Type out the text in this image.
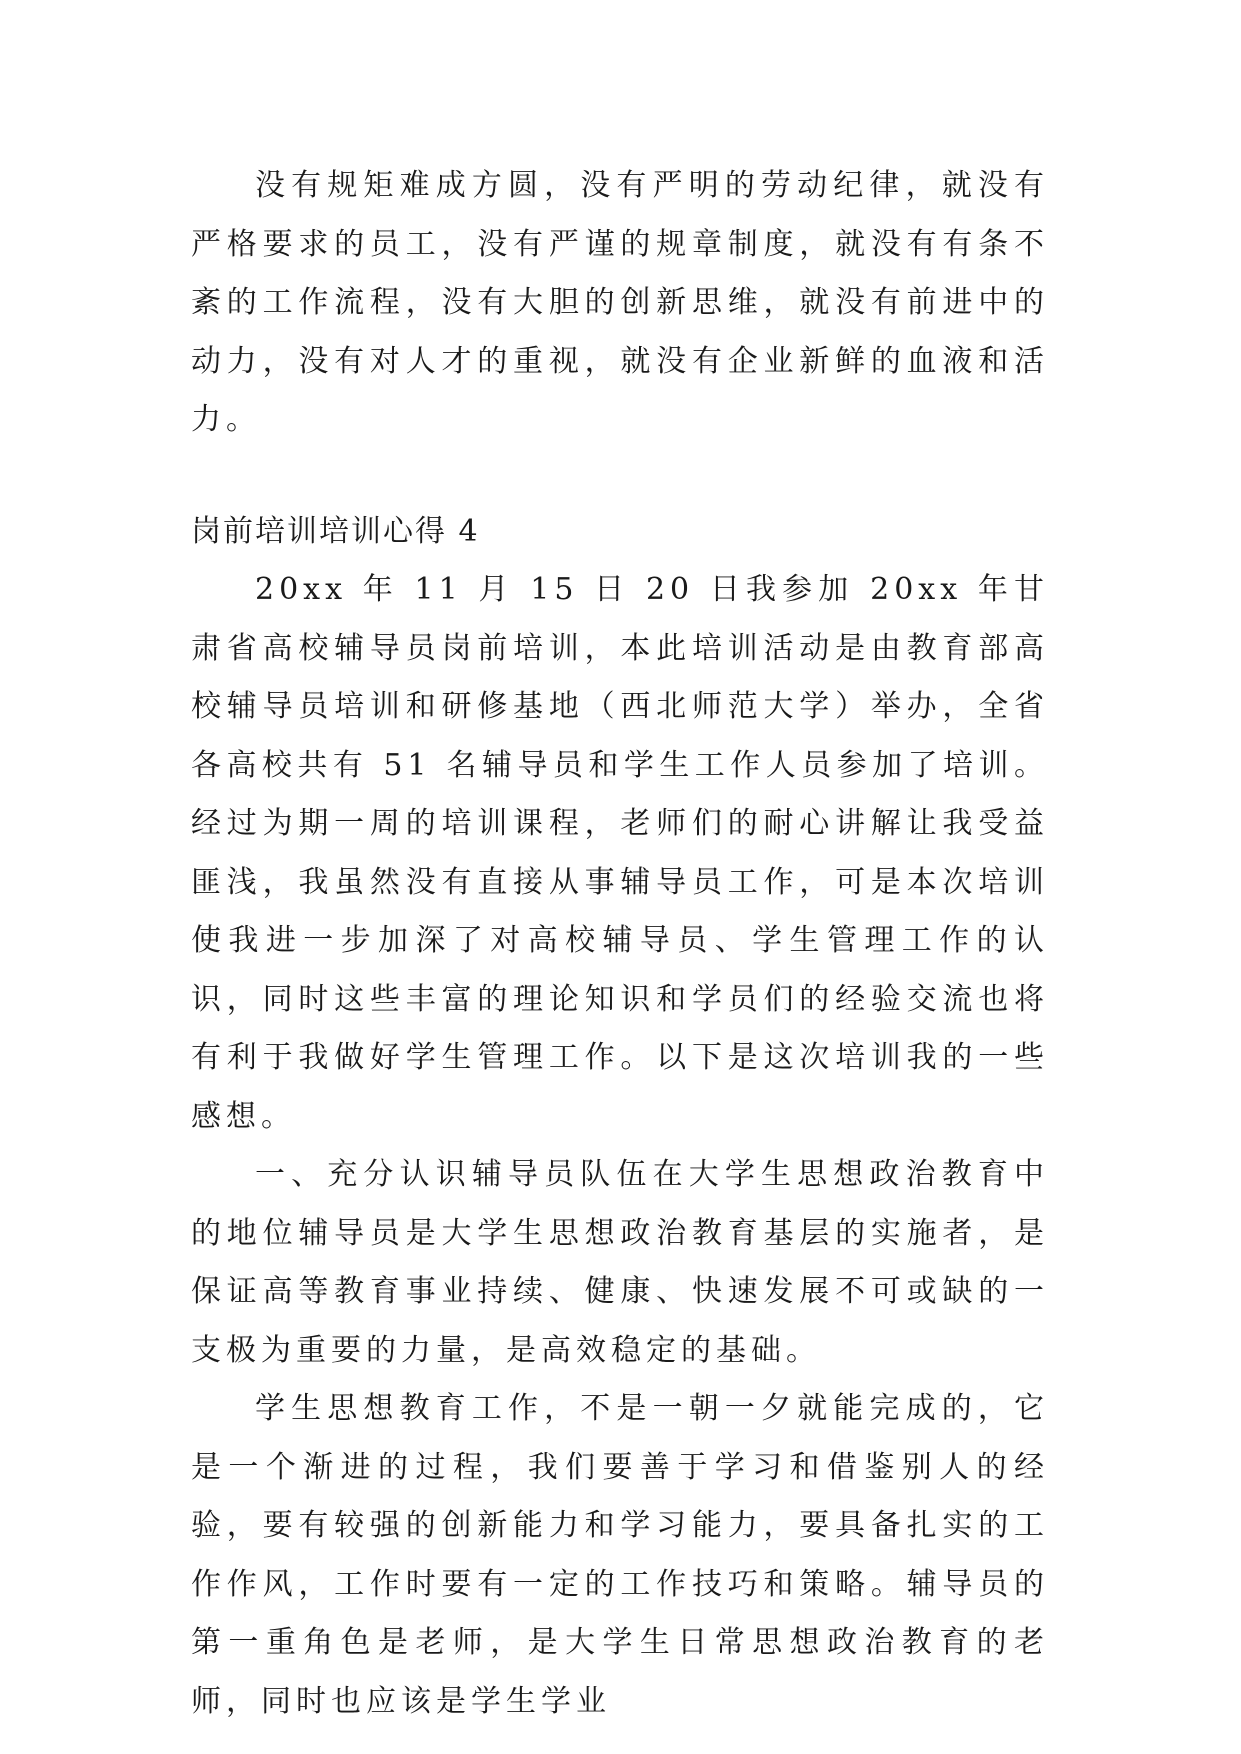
没有规矩难成方圆，没有严明的劳动纪律，就没有严格要求的员工，没有严谨的规章制度，就没有有条不紊的工作流程，没有大胆的创新思维，就没有前进中的动力，没有对人才的重视，就没有企业新鲜的血液和活力。

岗前培训培训心得 4

20xx 年 11 月 15 日 20 日我参加 20xx 年甘肃省高校辅导员岗前培训，本此培训活动是由教育部高校辅导员培训和研修基地（西北师范大学）举办，全省各高校共有 51 名辅导员和学生工作人员参加了培训。经过为期一周的培训课程，老师们的耐心讲解让我受益匪浅，我虽然没有直接从事辅导员工作，可是本次培训使我进一步加深了对高校辅导员、学生管理工作的认识，同时这些丰富的理论知识和学员们的经验交流也将有利于我做好学生管理工作。以下是这次培训我的一些感想。

一、充分认识辅导员队伍在大学生思想政治教育中的地位辅导员是大学生思想政治教育基层的实施者，是保证高等教育事业持续、健康、快速发展不可或缺的一支极为重要的力量，是高效稳定的基础。

学生思想教育工作，不是一朝一夕就能完成的，它是一个渐进的过程，我们要善于学习和借鉴别人的经验，要有较强的创新能力和学习能力，要具备扎实的工作作风，工作时要有一定的工作技巧和策略。辅导员的第一重角色是老师，是大学生日常思想政治教育的老师，同时也应该是学生学业
